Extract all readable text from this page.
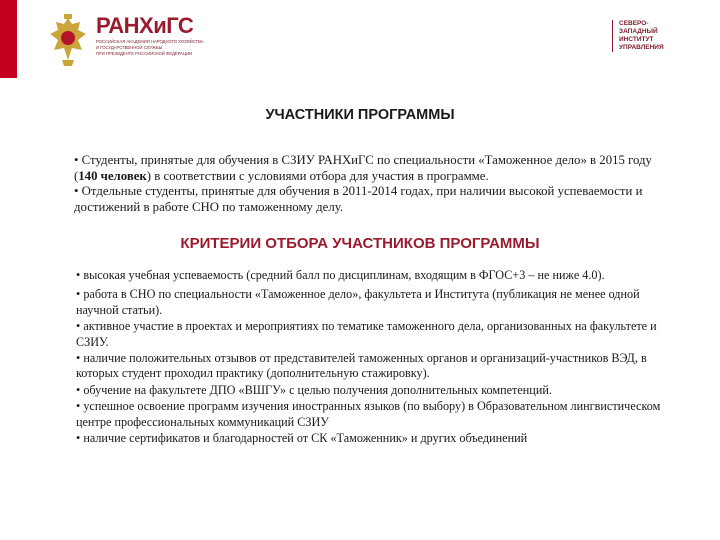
РАНХиГС
РОССИЙСКАЯ АКАДЕМИЯ НАРОДНОГО ХОЗЯЙСТВА
И ГОСУДАРСТВЕННОЙ СЛУЖБЫ
ПРИ ПРЕЗИДЕНТЕ РОССИЙСКОЙ ФЕДЕРАЦИИ
СЕВЕРО-
ЗАПАДНЫЙ
ИНСТИТУТ
УПРАВЛЕНИЯ
УЧАСТНИКИ ПРОГРАММЫ

• Студенты, принятые для обучения в СЗИУ РАНХиГС по специальности «Таможенное дело» в 2015 году (140 человек) в соответствии с условиями отбора для участия в программе.

• Отдельные студенты, принятые для обучения в 2011-2014 годах, при наличии высокой успеваемости и достижений в работе СНО по таможенному делу.

КРИТЕРИИ ОТБОРА УЧАСТНИКОВ ПРОГРАММЫ

• высокая учебная успеваемость (средний балл по дисциплинам, входящим в ФГОС+3 – не ниже 4.0).

• работа в СНО по специальности «Таможенное дело», факультета и Института (публикация не менее одной научной статьи).

• активное участие в проектах и мероприятиях по тематике таможенного дела, организованных на факультете и СЗИУ.

• наличие положительных отзывов от представителей таможенных органов и организаций-участников ВЭД, в которых студент проходил практику (дополнительную стажировку).

• обучение на факультете ДПО «ВШГУ» с целью получения дополнительных компетенций.

• успешное освоение программ изучения иностранных языков (по выбору) в Образовательном лингвистическом центре профессиональных коммуникаций СЗИУ

• наличие сертификатов и благодарностей от СК «Таможенник» и других объединений
